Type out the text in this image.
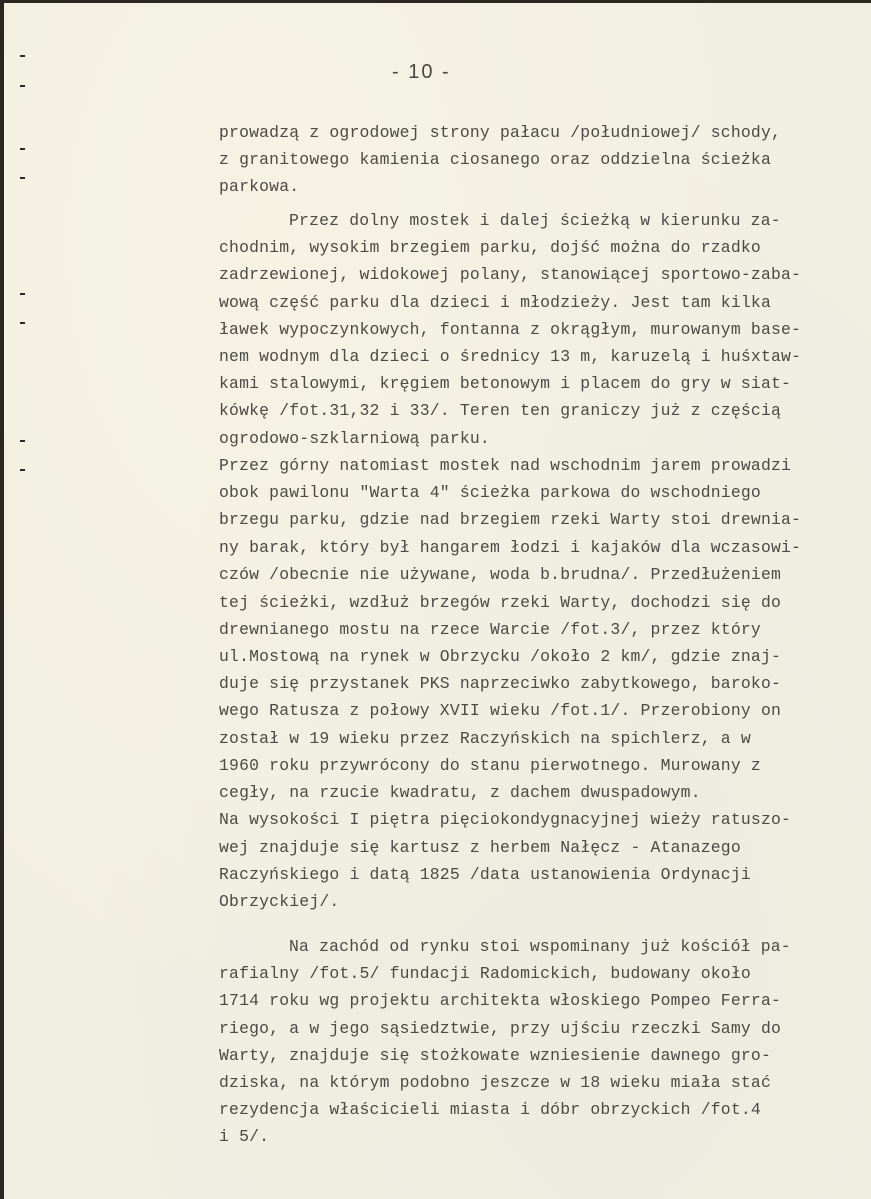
- 10 -
prowadzą z ogrodowej strony pałacu /południowej/ schody,
z granitowego kamienia ciosanego oraz oddzielna ścieżka
parkowa.
Przez dolny mostek i dalej ścieżką w kierunku za-
chodnim, wysokim brzegiem parku, dojść można do rzadko
zadrzewionej, widokowej polany, stanowiącej sportowo-zaba-
wową część parku dla dzieci i młodzieży. Jest tam kilka
ławek wypoczynkowych, fontanna z okrągłym, murowanym base-
nem wodnym dla dzieci o średnicy 13 m, karuzelą i huśxtaw-
kami stalowymi, kręgiem betonowym i placem do gry w siat-
kówkę /fot.31,32 i 33/. Teren ten graniczy już z częścią
ogrodowo-szklarniową parku.
Przez górny natomiast mostek nad wschodnim jarem prowadzi
obok pawilonu "Warta 4" ścieżka parkowa do wschodniego
brzegu parku, gdzie nad brzegiem rzeki Warty stoi drewnia-
ny barak, który był hangarem łodzi i kajaków dla wczasowi-
czów /obecnie nie używane, woda b.brudna/. Przedłużeniem
tej ścieżki, wzdłuż brzegów rzeki Warty, dochodzi się do
drewnianego mostu na rzece Warcie /fot.3/, przez który
ul.Mostową na rynek w Obrzycku /około 2 km/, gdzie znaj-
duje się przystanek PKS naprzeciwko zabytkowego, baroko-
wego Ratusza z połowy XVII wieku /fot.1/. Przerobiony on
został w 19 wieku przez Raczyńskich na spichlerz, a w
1960 roku przywrócony do stanu pierwotnego. Murowany z
cegły, na rzucie kwadratu, z dachem dwuspadowym.
Na wysokości I piętra pięciokondygnacyjnej wieży ratuszo-
wej znajduje się kartusz z herbem Nałęcz - Atanazego
Raczyńskiego i datą 1825 /data ustanowienia Ordynacji
Obrzyckiej/.
Na zachód od rynku stoi wspominany już kościół pa-
rafialny /fot.5/ fundacji Radomickich, budowany około
1714 roku wg projektu architekta włoskiego Pompeo Ferra-
riego, a w jego sąsiedztwie, przy ujściu rzeczki Samy do
Warty, znajduje się stożkowate wzniesienie dawnego gro-
dziska, na którym podobno jeszcze w 18 wieku miała stać
rezydencja właścicieli miasta i dóbr obrzyckich /fot.4
i 5/.
